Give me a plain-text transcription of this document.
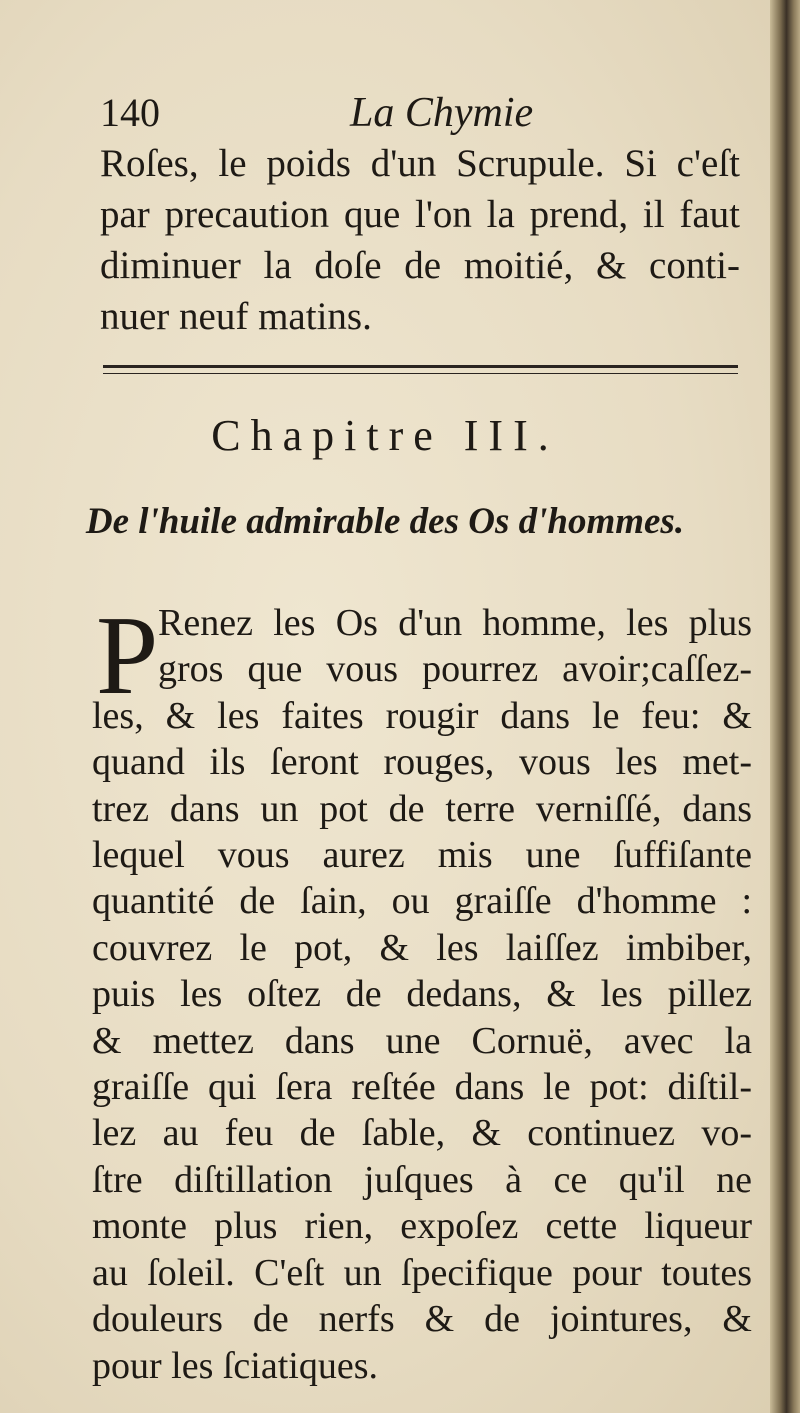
140	La Chymie

Roſes, le poids d'un Scrupule. Si c'eſt
par precaution que l'on la prend, il faut
diminuer la doſe de moitié, & conti-
nuer neuf matins.

Chapitre III.
De l'huile admirable des Os d'hommes.
P Renez les Os d'un homme, les plus
gros que vous pourrez avoir;caſſez-
les, & les faites rougir dans le feu: &
quand ils ſeront rouges, vous les met-
trez dans un pot de terre verniſſé, dans
lequel vous aurez mis une ſuffiſante
quantité de ſain, ou graiſſe d'homme :
couvrez le pot, & les laiſſez imbiber,
puis les oſtez de dedans, & les pillez
& mettez dans une Cornuë, avec la
graiſſe qui ſera reſtée dans le pot: diſtil-
lez au feu de ſable, & continuez vo-
ſtre diſtillation juſques à ce qu'il ne
monte plus rien, expoſez cette liqueur
au ſoleil. C'eſt un ſpecifique pour toutes
douleurs de nerfs & de jointures, &
pour les ſciatiques.
